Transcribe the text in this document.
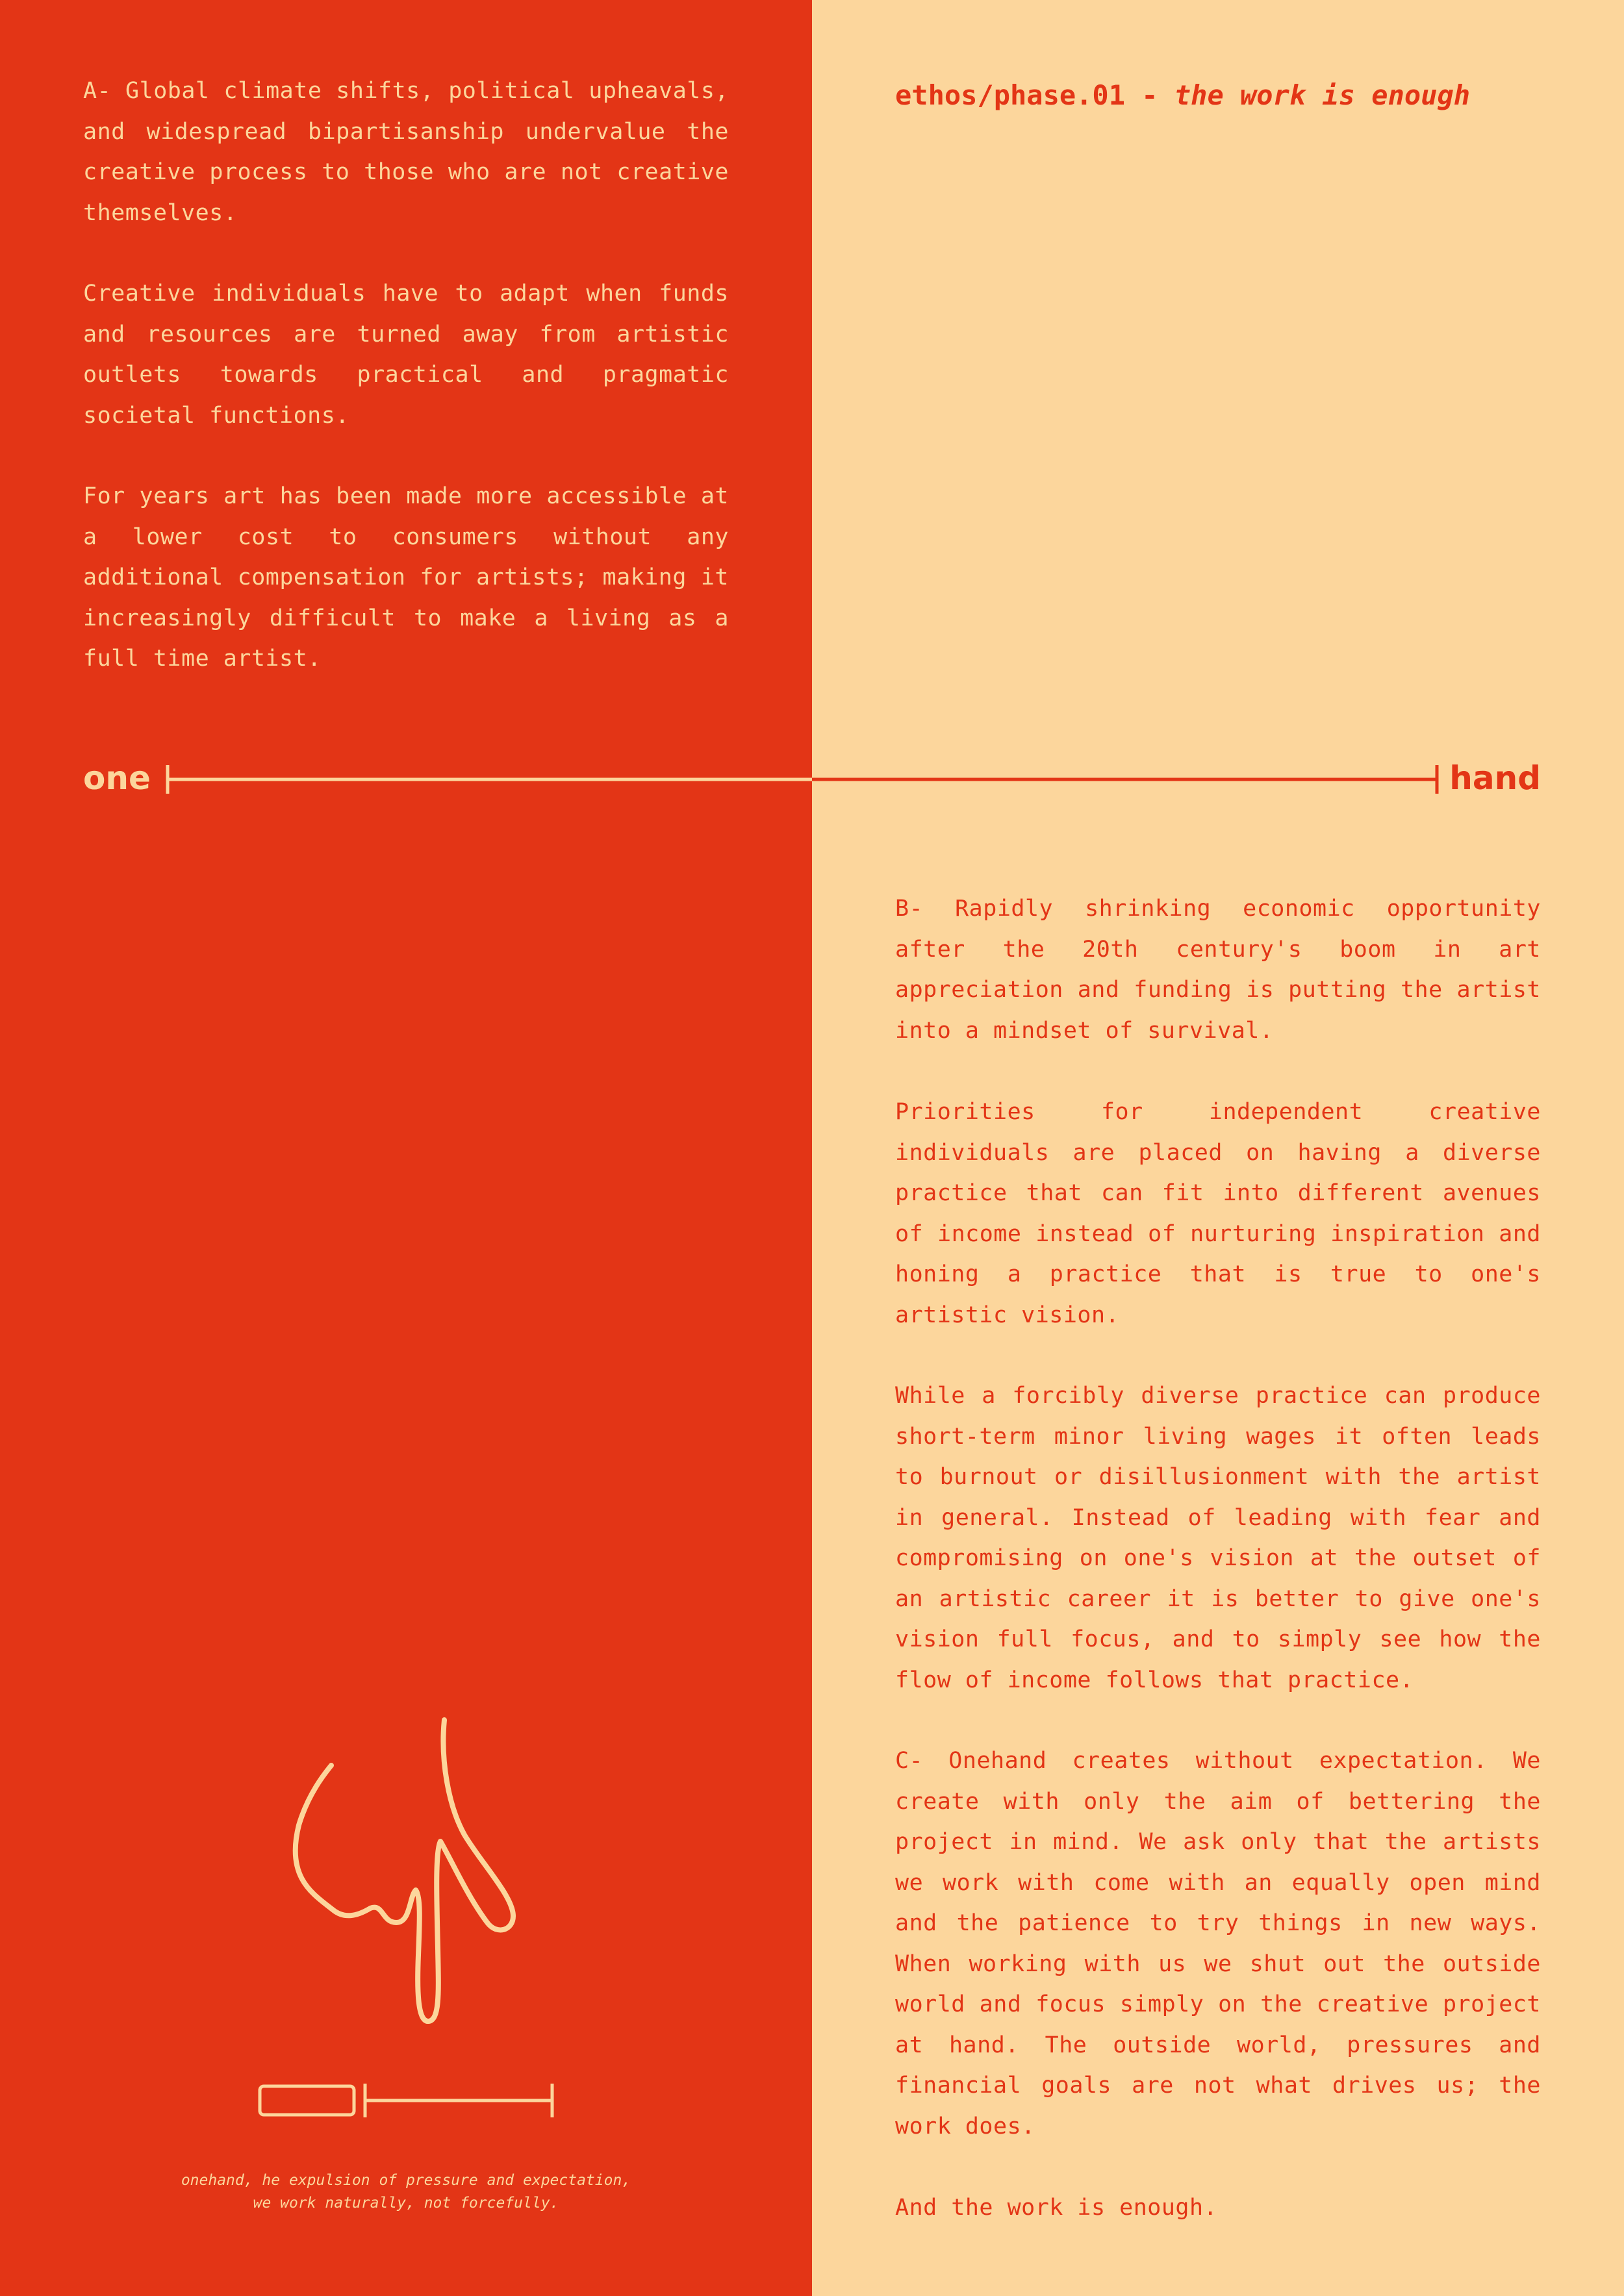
A- Global climate shifts, political upheavals, and widespread bipartisanship undervalue the creative process to those who are not creative themselves.

Creative individuals have to adapt when funds and resources are turned away from artistic outlets towards practical and pragmatic societal functions.

For years art has been made more accessible at a lower cost to consumers without any additional compensation for artists; making it increasingly difficult to make a living as a full time artist.

ethos/phase.01 - the work is enough
one	hand

B- Rapidly shrinking economic opportunity after the 20th century's boom in art appreciation and funding is putting the artist into a mindset of survival.

Priorities for independent creative individuals are placed on having a diverse practice that can fit into different avenues of income instead of nurturing inspiration and honing a practice that is true to one's artistic vision.

While a forcibly diverse practice can produce short-term minor living wages it often leads to burnout or disillusionment with the artist in general. Instead of leading with fear and compromising on one's vision at the outset of an artistic career it is better to give one's vision full focus, and to simply see how the flow of income follows that practice.

C- Onehand creates without expectation. We create with only the aim of bettering the project in mind. We ask only that the artists we work with come with an equally open mind and the patience to try things in new ways. When working with us we shut out the outside world and focus simply on the creative project at hand. The outside world, pressures and financial goals are not what drives us; the work does.

And the work is enough.

onehand, he expulsion of pressure and expectation,
we work naturally, not forcefully.
